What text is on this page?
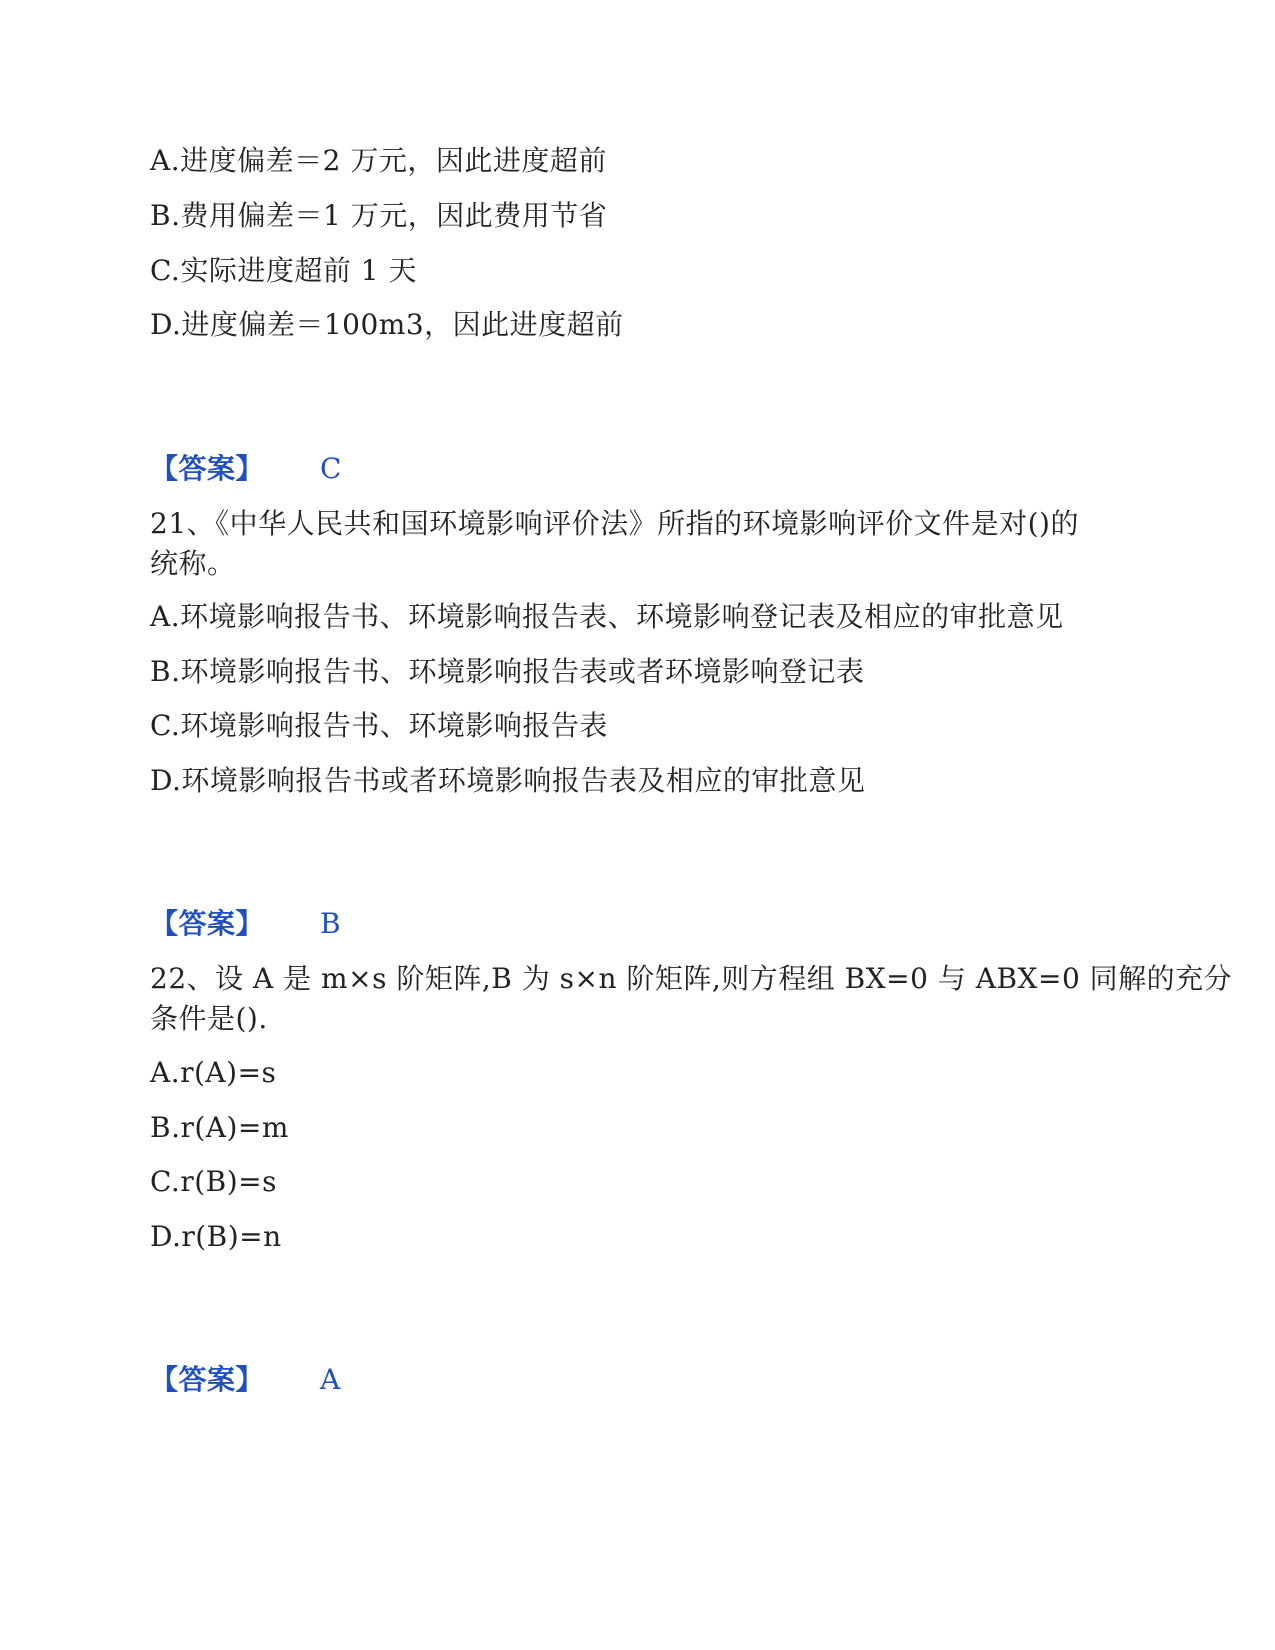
A.进度偏差＝2 万元，因此进度超前

B.费用偏差＝1 万元，因此费用节省

C.实际进度超前 1 天

D.进度偏差＝100m3，因此进度超前

【答案】 C

21、《中华人民共和国环境影响评价法》所指的环境影响评价文件是对()的

统称。

A.环境影响报告书、环境影响报告表、环境影响登记表及相应的审批意见

B.环境影响报告书、环境影响报告表或者环境影响登记表

C.环境影响报告书、环境影响报告表

D.环境影响报告书或者环境影响报告表及相应的审批意见

【答案】 B

22、设 A 是 m×s 阶矩阵,B 为 s×n 阶矩阵,则方程组 BX=0 与 ABX=0 同解的充分

条件是().

A.r(A)=s

B.r(A)=m

C.r(B)=s

D.r(B)=n

【答案】 A
